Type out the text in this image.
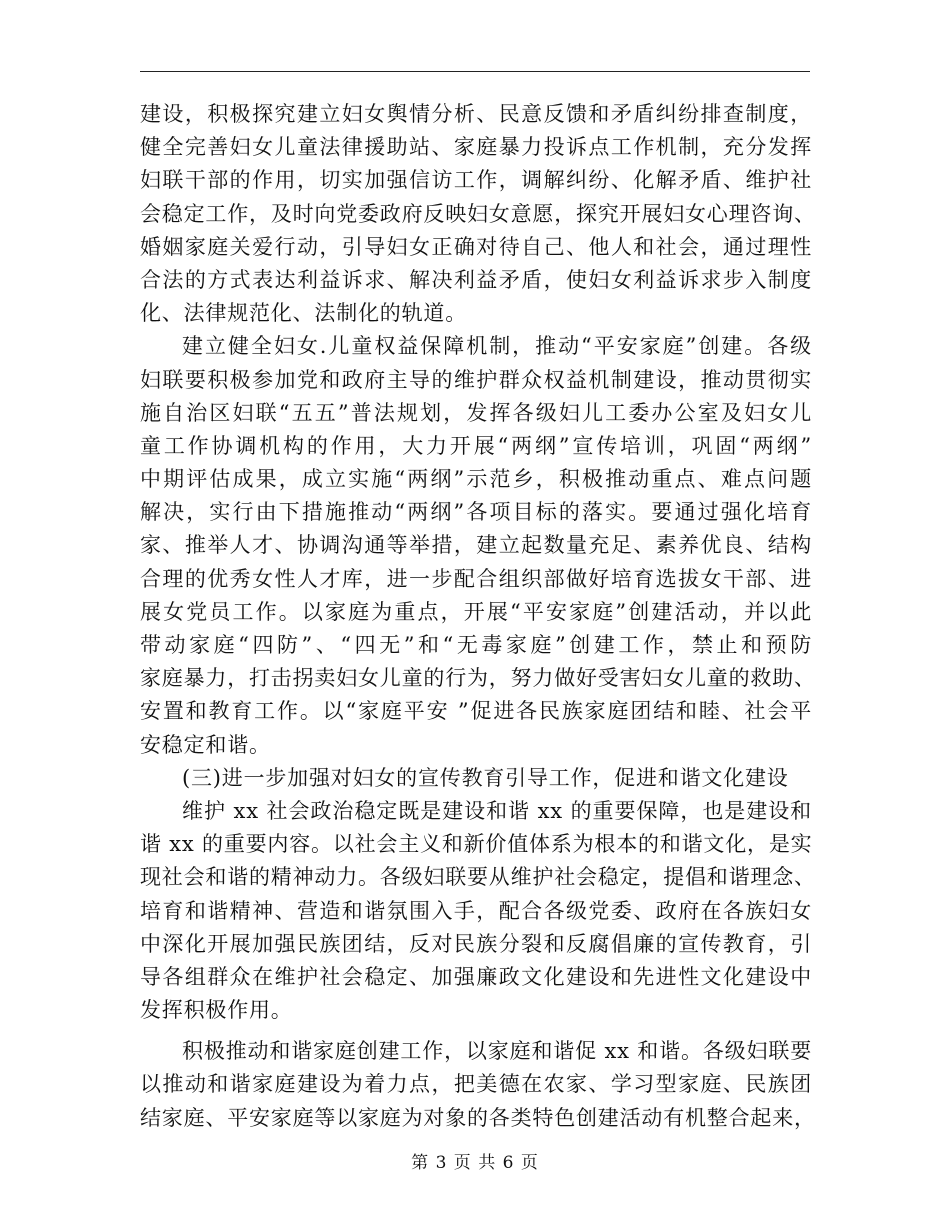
建设，积极探究建立妇女舆情分析、民意反馈和矛盾纠纷排查制度，
健全完善妇女儿童法律援助站、家庭暴力投诉点工作机制，充分发挥
妇联干部的作用，切实加强信访工作，调解纠纷、化解矛盾、维护社
会稳定工作，及时向党委政府反映妇女意愿，探究开展妇女心理咨询、
婚姻家庭关爱行动，引导妇女正确对待自己、他人和社会，通过理性
合法的方式表达利益诉求、解决利益矛盾，使妇女利益诉求步入制度
化、法律规范化、法制化的轨道。
建立健全妇女.儿童权益保障机制，推动“平安家庭”创建。各级
妇联要积极参加党和政府主导的维护群众权益机制建设，推动贯彻实
施自治区妇联“五五”普法规划，发挥各级妇儿工委办公室及妇女儿
童工作协调机构的作用，大力开展“两纲”宣传培训，巩固“两纲”
中期评估成果，成立实施“两纲”示范乡，积极推动重点、难点问题
解决，实行由下措施推动“两纲”各项目标的落实。要通过强化培育
家、推举人才、协调沟通等举措，建立起数量充足、素养优良、结构
合理的优秀女性人才库，进一步配合组织部做好培育选拔女干部、进
展女党员工作。以家庭为重点，开展“平安家庭”创建活动，并以此
带动家庭“四防”、“四无”和“无毒家庭”创建工作，禁止和预防
家庭暴力，打击拐卖妇女儿童的行为，努力做好受害妇女儿童的救助、
安置和教育工作。以“家庭平安 ”促进各民族家庭团结和睦、社会平
安稳定和谐。
(三)进一步加强对妇女的宣传教育引导工作，促进和谐文化建设
维护 xx 社会政治稳定既是建设和谐 xx 的重要保障，也是建设和
谐 xx 的重要内容。以社会主义和新价值体系为根本的和谐文化，是实
现社会和谐的精神动力。各级妇联要从维护社会稳定，提倡和谐理念、
培育和谐精神、营造和谐氛围入手，配合各级党委、政府在各族妇女
中深化开展加强民族团结，反对民族分裂和反腐倡廉的宣传教育，引
导各组群众在维护社会稳定、加强廉政文化建设和先进性文化建设中
发挥积极作用。
积极推动和谐家庭创建工作，以家庭和谐促 xx 和谐。各级妇联要
以推动和谐家庭建设为着力点，把美德在农家、学习型家庭、民族团
结家庭、平安家庭等以家庭为对象的各类特色创建活动有机整合起来，
第 3 页 共 6 页
